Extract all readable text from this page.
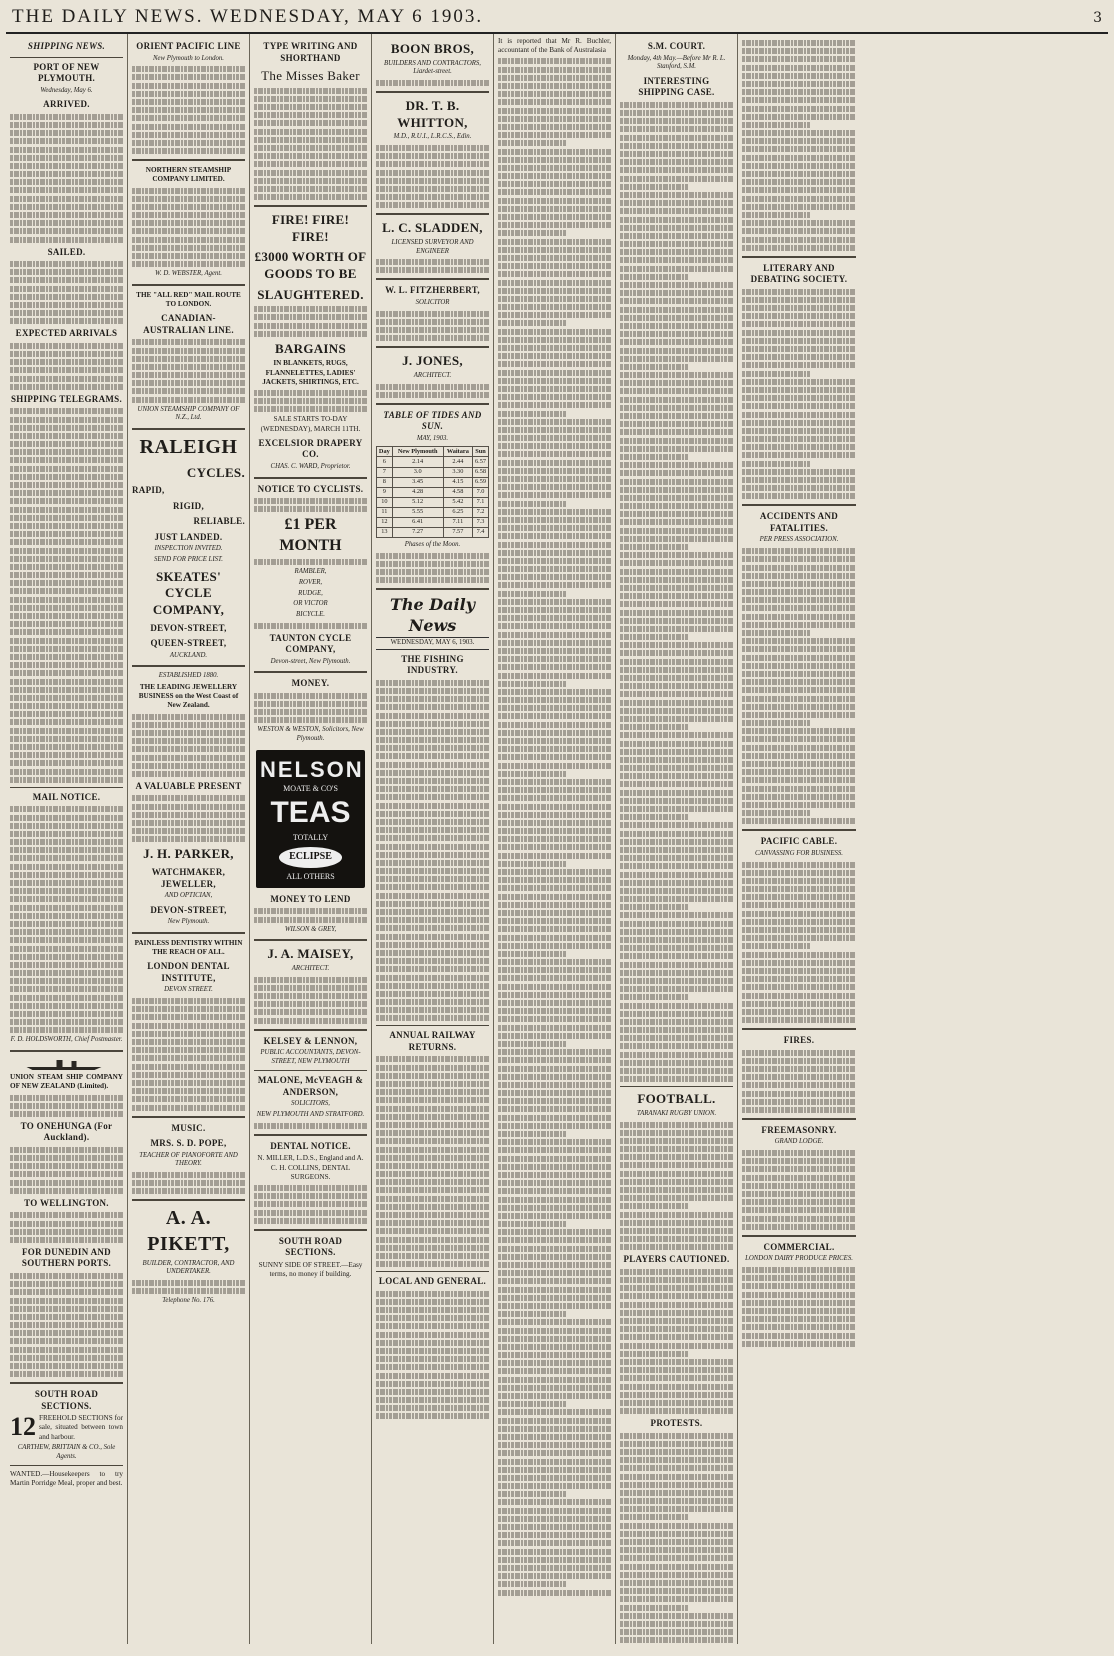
THE DAILY NEWS. WEDNESDAY, MAY 6 1903.	3
SHIPPING NEWS.
PORT OF NEW PLYMOUTH.
Wednesday, May 6.
ARRIVED.
SAILED.
EXPECTED ARRIVALS
SHIPPING TELEGRAMS.
MAIL NOTICE.
F. D. HOLDSWORTH, Chief Postmaster.

UNION STEAM SHIP COMPANY OF NEW ZEALAND (Limited).

TO ONEHUNGA (For Auckland).
TO WELLINGTON.
FOR DUNEDIN AND SOUTHERN PORTS.
SOUTH ROAD SECTIONS.
12 FREEHOLD SECTIONS for sale, situated between town and harbour.

CARTHEW, BRITTAIN & CO., Sole Agents.

WANTED.—Housekeepers to try Martin Porridge Meal, proper and best.

ORIENT PACIFIC LINE
New Plymouth to London.

NORTHERN STEAMSHIP COMPANY LIMITED.

W. D. WEBSTER, Agent.

THE "ALL RED" MAIL ROUTE TO LONDON.

CANADIAN-AUSTRALIAN LINE.
UNION STEAMSHIP COMPANY OF N.Z., Ltd.
RALEIGH
CYCLES.
RAPID,
RIGID,
RELIABLE.
JUST LANDED.
INSPECTION INVITED.
SEND FOR PRICE LIST.
SKEATES' CYCLE COMPANY,
DEVON-STREET,
QUEEN-STREET,
AUCKLAND.
ESTABLISHED 1880.

THE LEADING JEWELLERY BUSINESS on the West Coast of New Zealand.

A VALUABLE PRESENT
J. H. PARKER,
WATCHMAKER, JEWELLER,
AND OPTICIAN,
DEVON-STREET,
New Plymouth.

PAINLESS DENTISTRY WITHIN THE REACH OF ALL.

LONDON DENTAL INSTITUTE,
DEVON STREET.
MUSIC.
MRS. S. D. POPE,
TEACHER OF PIANOFORTE AND THEORY.
A. A. PIKETT,
BUILDER, CONTRACTOR, AND UNDERTAKER.
Telephone No. 176.
TYPE WRITING AND SHORTHAND
The Misses Baker
FIRE! FIRE! FIRE!
£3000 WORTH OF GOODS TO BE
SLAUGHTERED.
BARGAINS

IN BLANKETS, RUGS, FLANNELETTES, LADIES' JACKETS, SHIRTINGS, ETC.

SALE STARTS TO-DAY (WEDNESDAY), MARCH 11TH.

EXCELSIOR DRAPERY CO.
CHAS. C. WARD, Proprietor.
NOTICE TO CYCLISTS.
£1 PER MONTH
RAMBLER,
ROVER,
RUDGE,
OR VICTOR
BICYCLE.
TAUNTON CYCLE COMPANY,
Devon-street, New Plymouth.
MONEY.
WESTON & WESTON, Solicitors, New Plymouth.
NELSON
MOATE & CO'S
TEAS
TOTALLY
ECLIPSE
ALL OTHERS
MONEY TO LEND
WILSON & GREY,
J. A. MAISEY,
ARCHITECT.
KELSEY & LENNON,
PUBLIC ACCOUNTANTS, DEVON-STREET, NEW PLYMOUTH
MALONE, McVEAGH & ANDERSON,
SOLICITORS,
NEW PLYMOUTH AND STRATFORD.
DENTAL NOTICE.

N. MILLER, L.D.S., England and A. C. H. COLLINS, DENTAL SURGEONS.

SOUTH ROAD SECTIONS.

SUNNY SIDE OF STREET.—Easy terms, no money if building.

BOON BROS,
BUILDERS AND CONTRACTORS, Liardet-street.
DR. T. B. WHITTON,
M.D., R.U.I., L.R.C.S., Edin.
L. C. SLADDEN,
LICENSED SURVEYOR AND ENGINEER
W. L. FITZHERBERT,
SOLICITOR
J. JONES,
ARCHITECT.
TABLE OF TIDES AND SUN.
MAY, 1903.
Day	New Plymouth	Waitara	Sun
6	2.14	2.44	6.57
7	3.0	3.30	6.58
8	3.45	4.15	6.59
9	4.28	4.58	7.0
10	5.12	5.42	7.1
11	5.55	6.25	7.2
12	6.41	7.11	7.3
13	7.27	7.57	7.4
Phases of the Moon.
The Daily News
WEDNESDAY, MAY 6, 1903.
THE FISHING INDUSTRY.
ANNUAL RAILWAY RETURNS.
LOCAL AND GENERAL.

It is reported that Mr R. Buchler, accountant of the Bank of Australasia	S.M. COURT.
Monday, 4th May.—Before Mr R. L. Stanford, S.M.
INTERESTING SHIPPING CASE.
FOOTBALL.
TARANAKI RUGBY UNION.
PLAYERS CAUTIONED.
PROTESTS.
LITERARY AND DEBATING SOCIETY.
ACCIDENTS AND FATALITIES.
PER PRESS ASSOCIATION.
PACIFIC CABLE.
CANVASSING FOR BUSINESS.
FIRES.
FREEMASONRY.
GRAND LODGE.
COMMERCIAL.
LONDON DAIRY PRODUCE PRICES.
